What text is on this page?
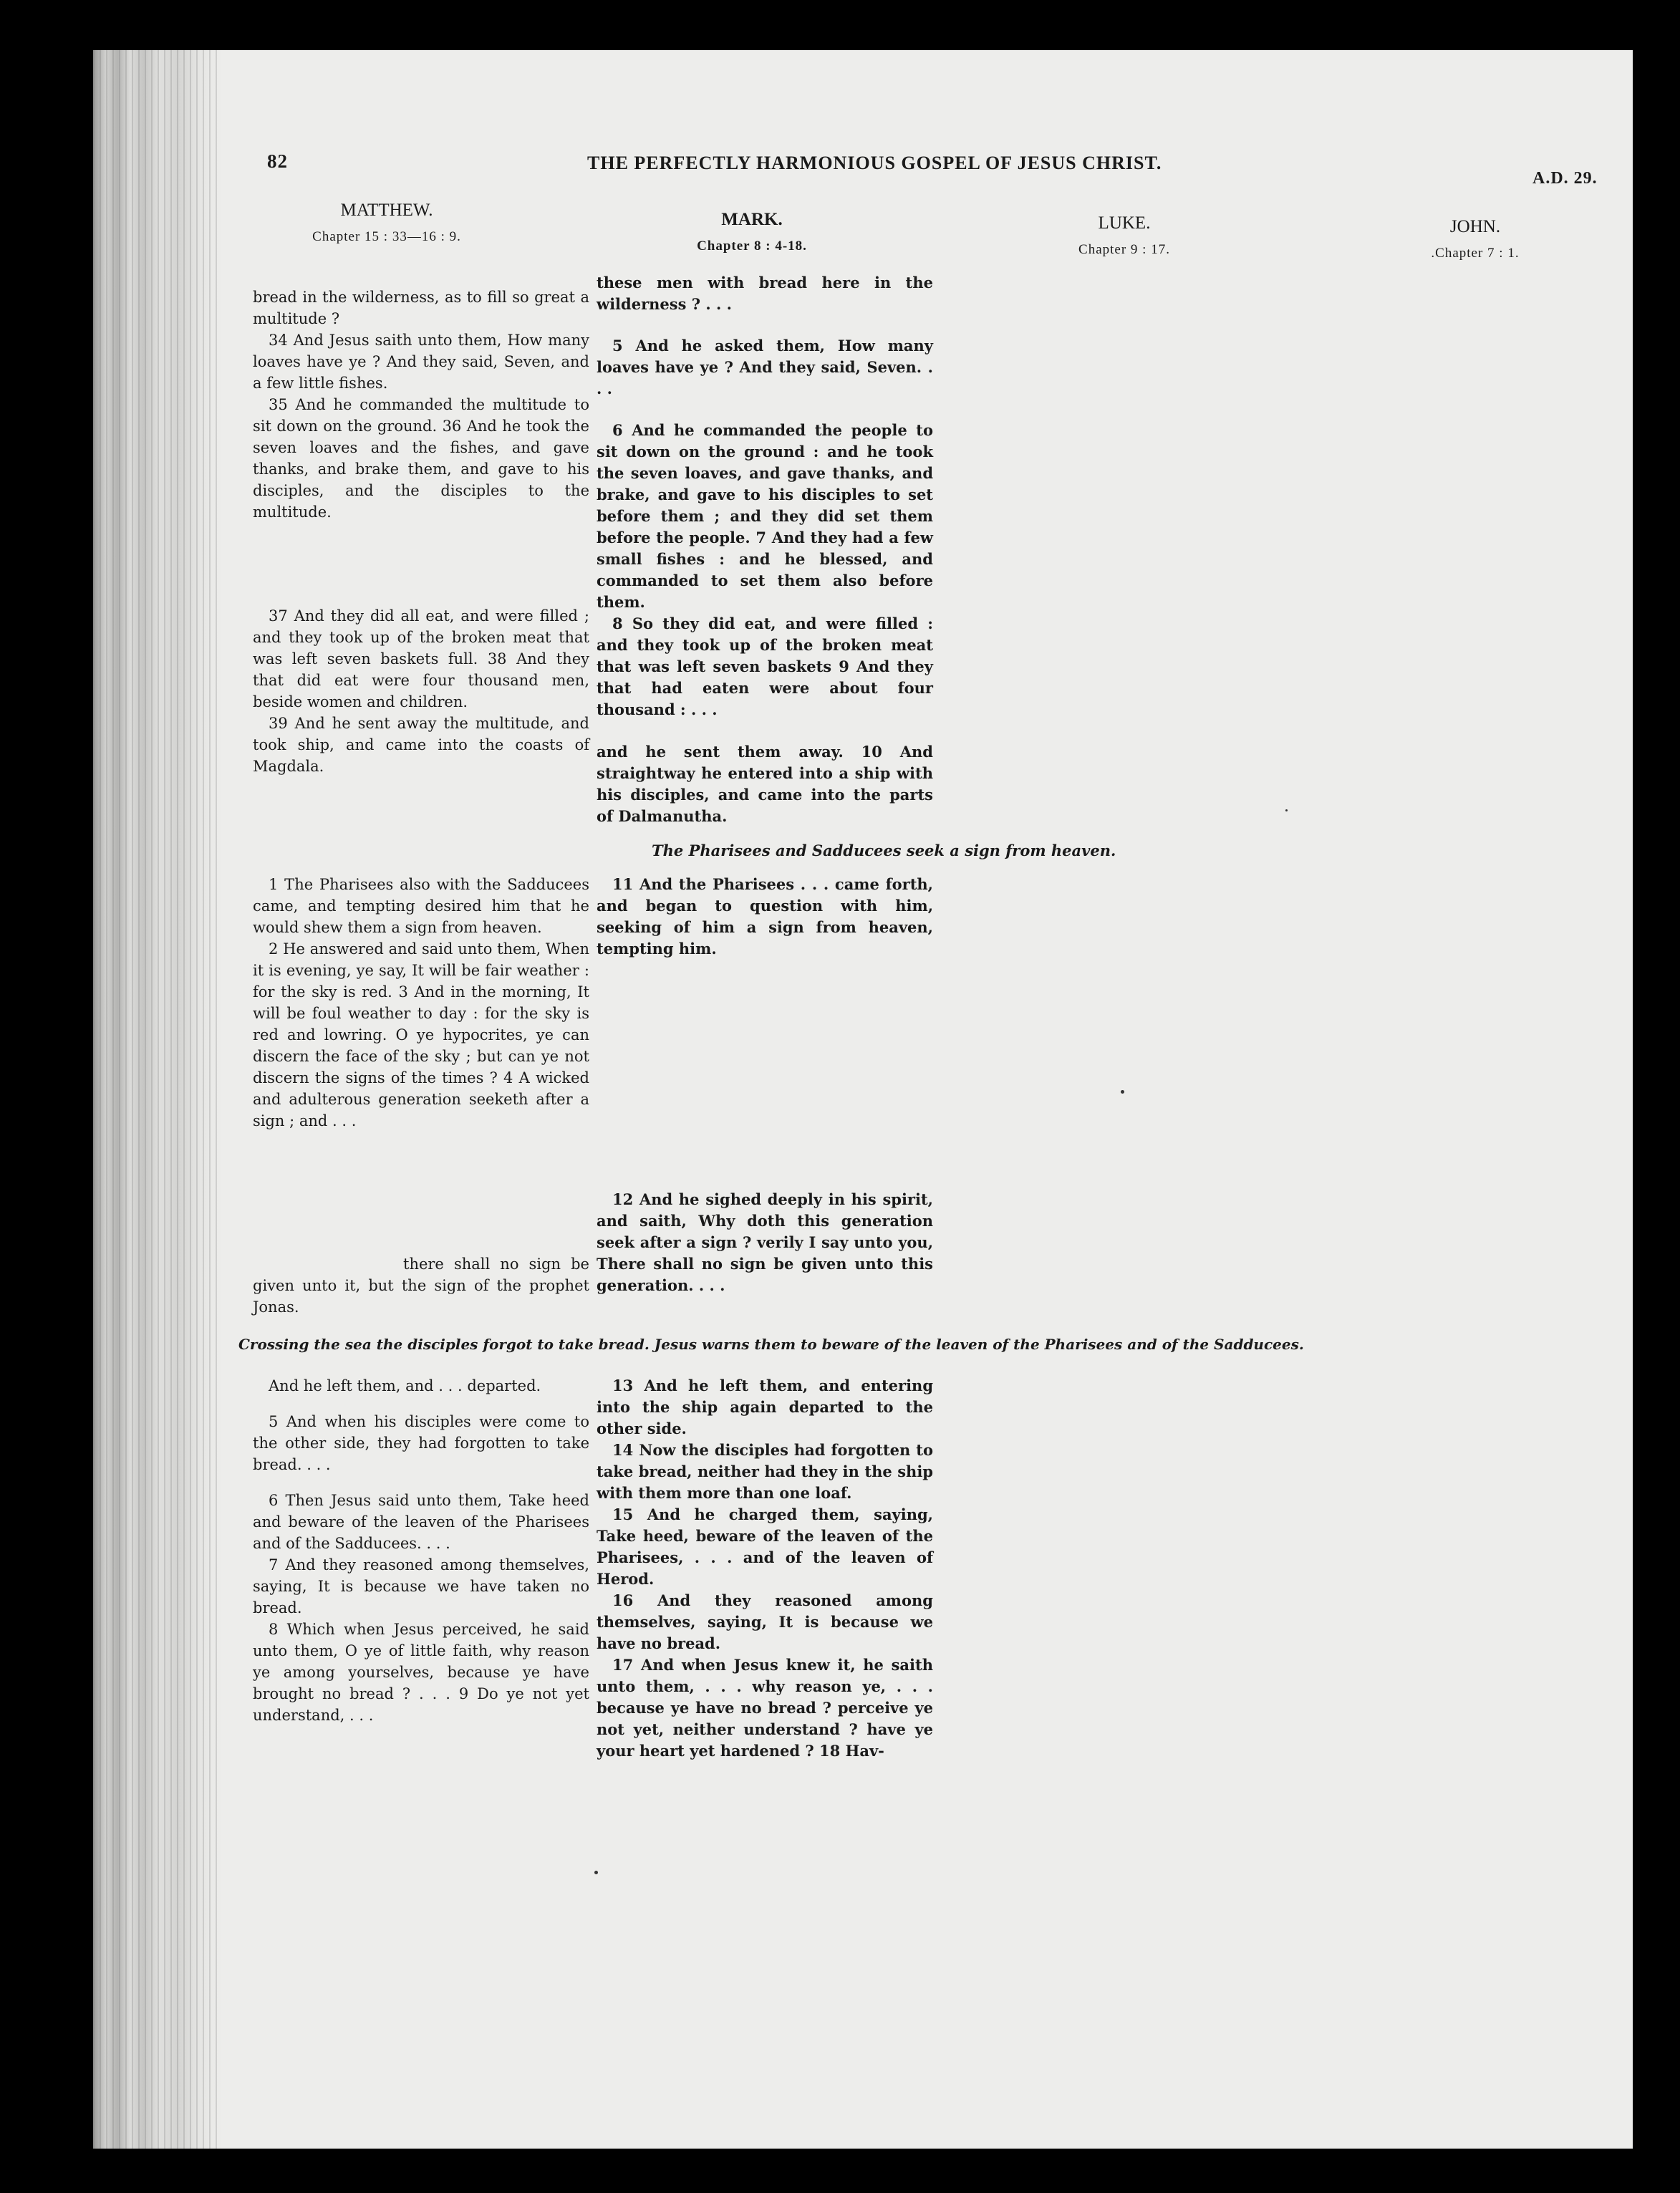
82	THE PERFECTLY HARMONIOUS GOSPEL OF JESUS CHRIST.
A.D. 29.
MATTHEW.
Chapter 15 : 33—16 : 9.
MARK.
Chapter 8 : 4-18.
LUKE.
Chapter 9 : 17.
JOHN.
.Chapter 7 : 1.

bread in the wilderness, as to fill so great a multitude ?

34 And Jesus saith unto them, How many loaves have ye ? And they said, Seven, and a few little fishes.

35 And he commanded the multitude to sit down on the ground. 36 And he took the seven loaves and the fishes, and gave thanks, and brake them, and gave to his disciples, and the disciples to the multitude.

37 And they did all eat, and were filled ; and they took up of the broken meat that was left seven baskets full. 38 And they that did eat were four thousand men, beside women and children.

39 And he sent away the multitude, and took ship, and came into the coasts of Magdala.

1 The Pharisees also with the Sadducees came, and tempting desired him that he would shew them a sign from heaven.

2 He answered and said unto them, When it is evening, ye say, It will be fair weather : for the sky is red. 3 And in the morning, It will be foul weather to day : for the sky is red and lowring. O ye hypocrites, ye can discern the face of the sky ; but can ye not discern the signs of the times ? 4 A wicked and adulterous generation seeketh after a sign ; and . . .

there shall no sign be given unto it, but the sign of the prophet Jonas.

And he left them, and . . . departed.

5 And when his disciples were come to the other side, they had forgotten to take bread. . . .

6 Then Jesus said unto them, Take heed and beware of the leaven of the Pharisees and of the Sadducees. . . .

7 And they reasoned among themselves, saying, It is because we have taken no bread.

8 Which when Jesus perceived, he said unto them, O ye of little faith, why reason ye among yourselves, because ye have brought no bread ? . . . 9 Do ye not yet understand, . . .

these men with bread here in the wilderness ? . . .

5 And he asked them, How many loaves have ye ? And they said, Seven. . . .

6 And he commanded the people to sit down on the ground : and he took the seven loaves, and gave thanks, and brake, and gave to his disciples to set before them ; and they did set them before the people. 7 And they had a few small fishes : and he blessed, and commanded to set them also before them.

8 So they did eat, and were filled : and they took up of the broken meat that was left seven baskets 9 And they that had eaten were about four thousand : . . .

and he sent them away. 10 And straightway he entered into a ship with his disciples, and came into the parts of Dalmanutha.

The Pharisees and Sadducees seek a sign from heaven.

11 And the Pharisees . . . came forth, and began to question with him, seeking of him a sign from heaven, tempting him.

12 And he sighed deeply in his spirit, and saith, Why doth this generation seek after a sign ? verily I say unto you, There shall no sign be given unto this generation. . . .

Crossing the sea the disciples forgot to take bread. Jesus warns them to beware of the leaven of the Pharisees and of the Sadducees.

13 And he left them, and entering into the ship again departed to the other side.

14 Now the disciples had forgotten to take bread, neither had they in the ship with them more than one loaf.

15 And he charged them, saying, Take heed, beware of the leaven of the Pharisees, . . . and of the leaven of Herod.

16 And they reasoned among themselves, saying, It is because we have no bread.

17 And when Jesus knew it, he saith unto them, . . . why reason ye, . . . because ye have no bread ? perceive ye not yet, neither understand ? have ye your heart yet hardened ? 18 Hav-
